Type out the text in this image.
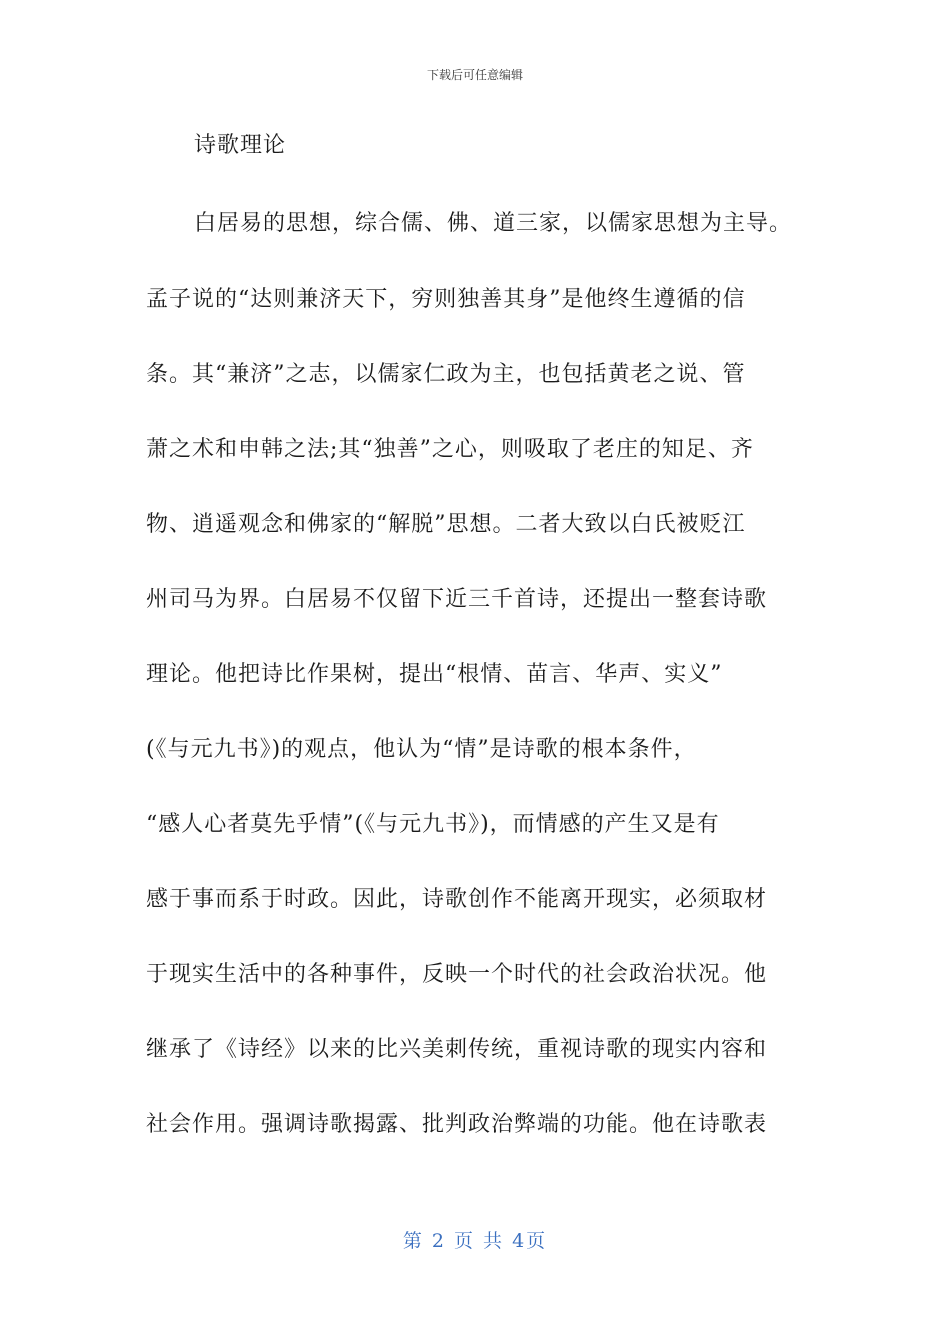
下载后可任意编辑
诗歌理论
白居易的思想，综合儒、佛、道三家，以儒家思想为主导。
孟子说的“达则兼济天下，穷则独善其身”是他终生遵循的信
条。其“兼济”之志，以儒家仁政为主，也包括黄老之说、管
萧之术和申韩之法;其“独善”之心，则吸取了老庄的知足、齐
物、逍遥观念和佛家的“解脱”思想。二者大致以白氏被贬江
州司马为界。白居易不仅留下近三千首诗，还提出一整套诗歌
理论。他把诗比作果树，提出“根情、苗言、华声、实义”
(《与元九书》)的观点，他认为“情”是诗歌的根本条件，
“感人心者莫先乎情”(《与元九书》)，而情感的产生又是有
感于事而系于时政。因此，诗歌创作不能离开现实，必须取材
于现实生活中的各种事件，反映一个时代的社会政治状况。他
继承了《诗经》以来的比兴美刺传统，重视诗歌的现实内容和
社会作用。强调诗歌揭露、批判政治弊端的功能。他在诗歌表
第 2 页 共 4页
